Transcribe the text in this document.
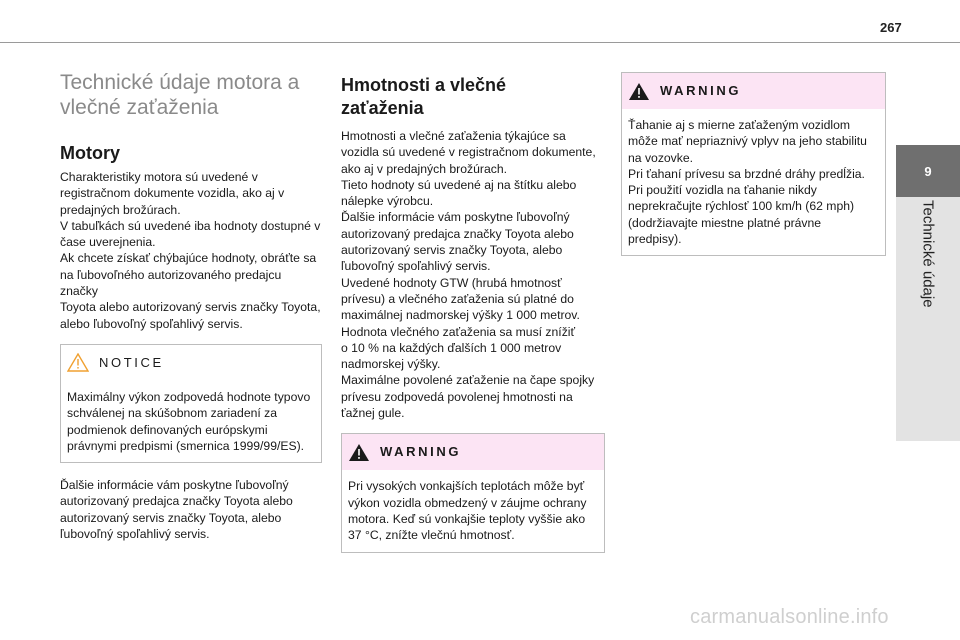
267
9
Technické údaje

Technické údaje motora a
vlečné zaťaženia

Motory

Charakteristiky motora sú uvedené v
registračnom dokumente vozidla, ako aj v
predajných brožúrach.
V tabuľkách sú uvedené iba hodnoty dostupné v
čase uverejnenia.
Ak chcete získať chýbajúce hodnoty, obráťte sa
na ľubovoľného autorizovaného predajcu značky
Toyota alebo autorizovaný servis značky Toyota,
alebo ľubovoľný spoľahlivý servis.

NOTICE
Maximálny výkon zodpovedá hodnote typovo
schválenej na skúšobnom zariadení za
podmienok definovaných európskymi
právnymi predpismi (smernica 1999/99/ES).

Ďalšie informácie vám poskytne ľubovoľný
autorizovaný predajca značky Toyota alebo
autorizovaný servis značky Toyota, alebo
ľubovoľný spoľahlivý servis.

Hmotnosti a vlečné
zaťaženia

Hmotnosti a vlečné zaťaženia týkajúce sa
vozidla sú uvedené v registračnom dokumente,
ako aj v predajných brožúrach.
Tieto hodnoty sú uvedené aj na štítku alebo
nálepke výrobcu.
Ďalšie informácie vám poskytne ľubovoľný
autorizovaný predajca značky Toyota alebo
autorizovaný servis značky Toyota, alebo
ľubovoľný spoľahlivý servis.
Uvedené hodnoty GTW (hrubá hmotnosť
prívesu) a vlečného zaťaženia sú platné do
maximálnej nadmorskej výšky 1 000 metrov.
Hodnota vlečného zaťaženia sa musí znížiť
o 10 % na každých ďalších 1 000 metrov
nadmorskej výšky.
Maximálne povolené zaťaženie na čape spojky
prívesu zodpovedá povolenej hmotnosti na
ťažnej gule.

WARNING
Pri vysokých vonkajších teplotách môže byť
výkon vozidla obmedzený v záujme ochrany
motora. Keď sú vonkajšie teploty vyššie ako
37 °C, znížte vlečnú hmotnosť.
WARNING
Ťahanie aj s mierne zaťaženým vozidlom
môže mať nepriaznivý vplyv na jeho stabilitu
na vozovke.
Pri ťahaní prívesu sa brzdné dráhy predĺžia.
Pri použití vozidla na ťahanie nikdy
neprekračujte rýchlosť 100 km/h (62 mph)
(dodržiavajte miestne platné právne
predpisy).
carmanualsonline.info
